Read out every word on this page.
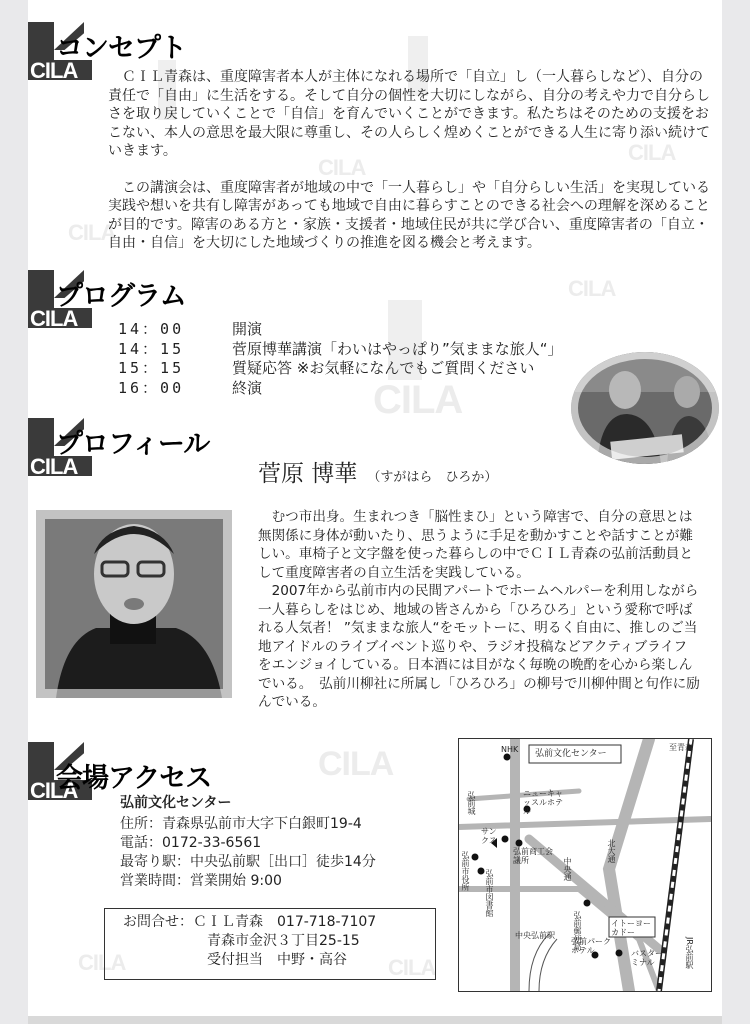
CILA
CILA
CILA
CILA
CILA
CILA
CILA	CILA
CILA
コンセプト

　ＣＩＬ青森は、重度障害者本人が主体になれる場所で「自立」し（一人暮らしなど）、自分の責任で「自由」に生活をする。そして自分の個性を大切にしながら、自分の考えや力で自分らしさを取り戻していくことで「自信」を育んでいくことができます。私たちはそのための支援をおこない、本人の意思を最大限に尊重し、その人らしく煌めくことができる人生に寄り添い続けていきます。

　この講演会は、重度障害者が地域の中で「一人暮らし」や「自分らしい生活」を実現している実践や想いを共有し障害があっても地域で自由に暮らすことのできる社会への理解を深めることが目的です。障害のある方と・家族・支援者・地域住民が共に学び合い、重度障害者の「自立・自由・自信」を大切にした地域づくりの推進を図る機会と考えます。

CILA
プログラム
14：00	開演
14：15	菅原博華講演「わいはやっぱり”気ままな旅人“」
15：15	質疑応答 ※お気軽になんでもご質問ください
16：00	終演
CILA
プロフィール
菅原 博華 （すがはら　ひろか）

　むつ市出身。生まれつき「脳性まひ」という障害で、自分の意思とは無関係に身体が動いたり、思うように手足を動かすことや話すことが難しい。車椅子と文字盤を使った暮らしの中でＣＩＬ青森の弘前活動員として重度障害者の自立生活を実践している。

　2007年から弘前市内の民間アパートでホームヘルパーを利用しながら一人暮らしをはじめ、地域の皆さんから「ひろひろ」という愛称で呼ばれる人気者！ ”気ままな旅人“をモットーに、明るく自由に、推しのご当地アイドルのライブイベント巡りや、ラジオ投稿などアクティブライフをエンジョイしている。日本酒には目がなく毎晩の晩酌を心から楽しんでいる。　弘前川柳社に所属し「ひろひろ」の柳号で川柳仲間と句作に励んでいる。

CILA
会場アクセス
弘前文化センター
住所：青森県弘前市大字下白銀町19-4
電話：0172-33-6561
最寄り駅：中央弘前駅［出口］徒歩14分
営業時間：営業開始 9:00
お問合せ：ＣＩＬ青森　017-718-7107
青森市金沢３丁目25-15
受付担当　中野・高谷
NHK 弘前文化センター
至青森
弘前城	ニューキャッスルホテル
サンクス
弘前商工会議所
弘前市役所 弘前市図書館	中央通
北大通
弘前郵便局
弘前パークホテル
中央弘前駅
イトーヨーカドー
バスターミナル	JR弘前駅
